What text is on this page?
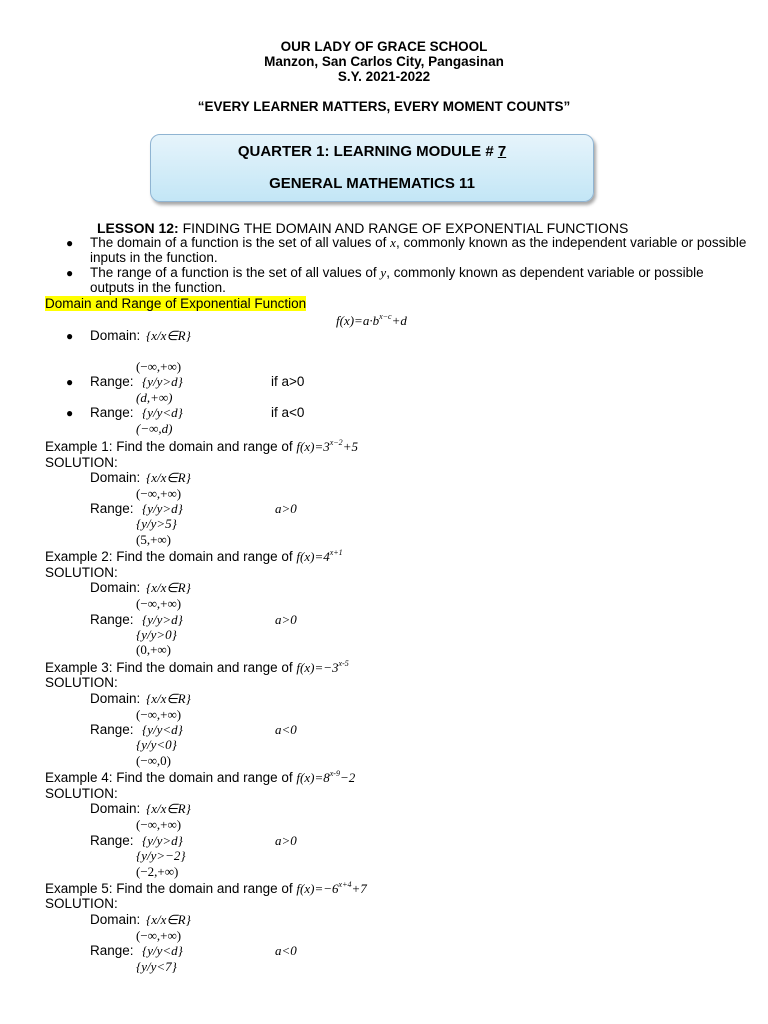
OUR LADY OF GRACE SCHOOL
Manzon, San Carlos City, Pangasinan
S.Y. 2021-2022
“EVERY LEARNER MATTERS, EVERY MOMENT COUNTS”
QUARTER 1: LEARNING MODULE # 7
GENERAL MATHEMATICS 11
LESSON 12: FINDING THE DOMAIN AND RANGE OF EXPONENTIAL FUNCTIONS
● The domain of a function is the set of all values of x, commonly known as the independent variable or possible inputs in the function.
● The range of a function is the set of all values of y, commonly known as dependent variable or possible outputs in the function.
Domain and Range of Exponential Function
$f(x)=a\cdot b^{x-c}+d$
● Domain: {x/x∈R}
(−∞,+∞)
● Range: {y/y>d}	if a>0
(d,+∞)
● Range: {y/y<d}	if a<0
(−∞,d)
Example 1: Find the domain and range of $f(x)=3^{x-2}+5$
SOLUTION:
Domain: {x/x∈R}
(−∞,+∞)
Range: {y/y>d}	a>0
{y/y>5}
(5,+∞)
Example 2: Find the domain and range of $f(x)=4^{x+1}$
SOLUTION:
Domain: {x/x∈R}
(−∞,+∞)
Range: {y/y>d}	a>0
{y/y>0}
(0,+∞)
Example 3: Find the domain and range of $f(x)=-3^{x-5}$
SOLUTION:
Domain: {x/x∈R}
(−∞,+∞)
Range: {y/y<d}	a<0
{y/y<0}
(−∞,0)
Example 4: Find the domain and range of $f(x)=8^{x-9}-2$
SOLUTION:
Domain: {x/x∈R}
(−∞,+∞)
Range: {y/y>d}	a>0
{y/y>−2}
(−2,+∞)
Example 5: Find the domain and range of $f(x)=-6^{x+4}+7$
SOLUTION:
Domain: {x/x∈R}
(−∞,+∞)
Range: {y/y<d}	a<0
{y/y<7}
